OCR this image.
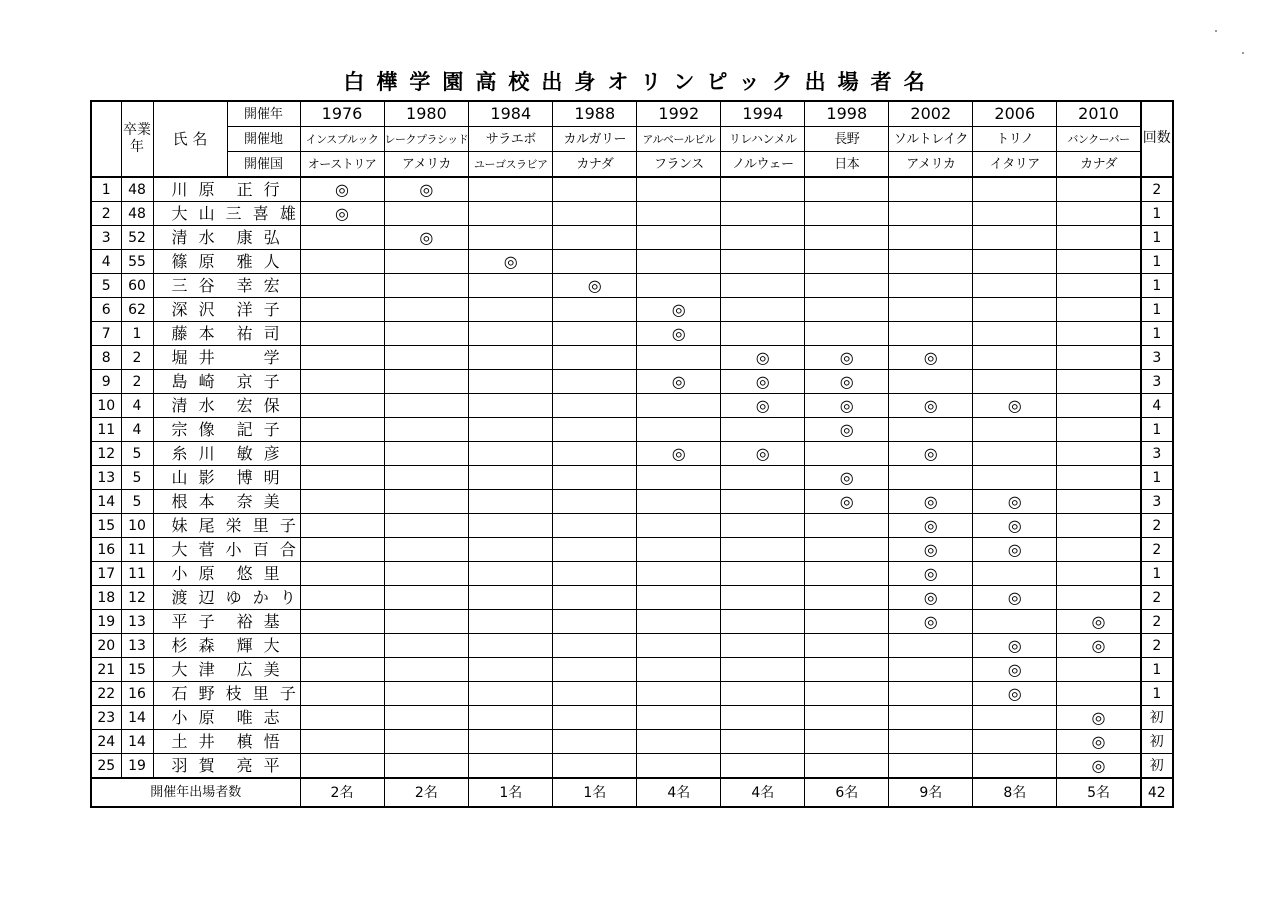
白樺学園高校出身オリンピック出場者名
	卒業年	氏 名	開催年	1976	1980	1984	1988	1992	1994	1998	2002	2006	2010	回数
			開催地	インスブルック	レークプラシッド	サラエボ	カルガリー	アルベールビル	リレハンメル	長野	ソルトレイク	トリノ	バンクーバー	
			開催国	オーストリア	アメリカ	ユーゴスラビア	カナダ	フランス	ノルウェー	日本	アメリカ	イタリア	カナダ	
1	48	川 原　正 行		◎	◎									2
2	48	大 山 三 喜 雄		◎										1
3	52	清 水　康 弘			◎									1
4	55	篠 原　雅 人				◎								1
5	60	三 谷　幸 宏					◎							1
6	62	深 沢　洋 子						◎						1
7	1	藤 本　祐 司						◎						1
8	2	堀 井　　 学							◎	◎	◎			3
9	2	島 崎　京 子						◎	◎	◎				3
10	4	清 水　宏 保							◎	◎	◎	◎		4
11	4	宗 像　記 子								◎				1
12	5	糸 川　敏 彦						◎	◎		◎			3
13	5	山 影　博 明								◎				1
14	5	根 本　奈 美								◎	◎	◎		3
15	10	妹 尾 栄 里 子									◎	◎		2
16	11	大 菅 小 百 合									◎	◎		2
17	11	小 原　悠 里									◎			1
18	12	渡 辺 ゆ か り									◎	◎		2
19	13	平 子　裕 基									◎		◎	2
20	13	杉 森　輝 大										◎	◎	2
21	15	大 津　広 美										◎		1
22	16	石 野 枝 里 子										◎		1
23	14	小 原　唯 志											◎	初
24	14	土 井　槙 悟											◎	初
25	19	羽 賀　亮 平											◎	初
開催年出場者数				2名	2名	1名	1名	4名	4名	6名	9名	8名	5名	42
